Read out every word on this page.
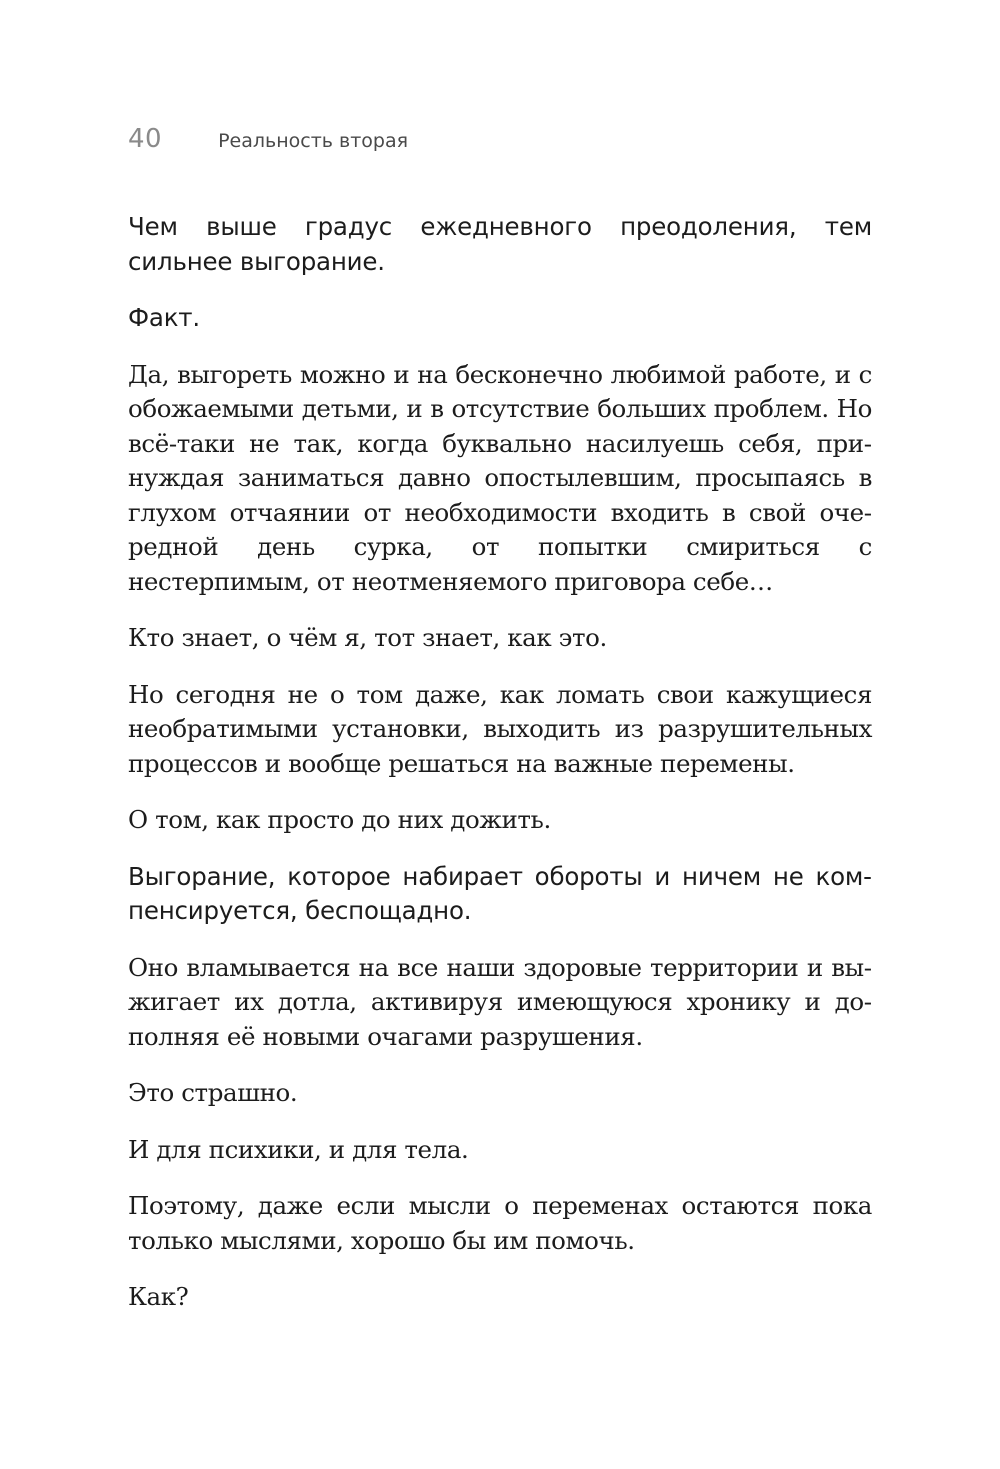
40	Реальность вторая

Чем выше градус ежедневного преодоления, тем сильнее выгорание.

Факт.

Да, выгореть можно и на бесконечно любимой работе, и с обожаемыми детьми, и в отсутствие больших проблем. Но всё-таки не так, когда буквально насилуешь себя, принуждая заниматься давно опостылевшим, просыпаясь в глухом отчаянии от необходимости входить в свой очередной день сурка, от попытки смириться с нестерпимым, от неотменяемого приговора себе…

Кто знает, о чём я, тот знает, как это.

Но сегодня не о том даже, как ломать свои кажущиеся необратимыми установки, выходить из разрушительных процессов и вообще решаться на важные перемены.

О том, как просто до них дожить.

Выгорание, которое набирает обороты и ничем не компенсируется, беспощадно.

Оно вламывается на все наши здоровые территории и выжигает их дотла, активируя имеющуюся хронику и дополняя её новыми очагами разрушения.

Это страшно.

И для психики, и для тела.

Поэтому, даже если мысли о переменах остаются пока только мыслями, хорошо бы им помочь.

Как?
